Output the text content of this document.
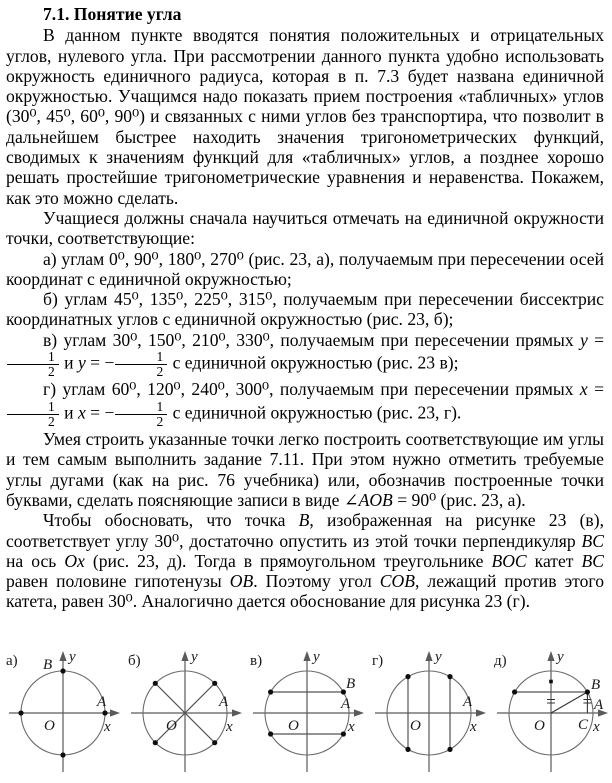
7.1. Понятие угла

В данном пункте вводятся понятия положительных и отрицательных углов, нулевого угла. При рассмотрении данного пункта удобно использовать окружность единичного радиуса, которая в п. 7.3 будет названа единичной окружностью. Учащимся надо показать прием построения «табличных» углов (30⁰, 45⁰, 60⁰, 90⁰) и связанных с ними углов без транспортира, что позволит в дальнейшем быстрее находить значения тригонометрических функций, сводимых к значениям функций для «табличных» углов, а позднее хорошо решать простейшие тригонометрические уравнения и неравенства. Покажем, как это можно сделать.

Учащиеся должны сначала научиться отмечать на единичной окружности точки, соответствующие:

а) углам 0⁰, 90⁰, 180⁰, 270⁰ (рис. 23, а), получаемым при пересечении осей координат с единичной окружностью;

б) углам 45⁰, 135⁰, 225⁰, 315⁰, получаемым при пересечении биссектрис координатных углов с единичной окружностью (рис. 23, б);

в) углам 30⁰, 150⁰, 210⁰, 330⁰, получаемым при пересечении прямых y =
$\frac{1}{2}$ и y = − $\frac{1}{2}$ с единичной окружностью (рис. 23 в);

г) углам 60⁰, 120⁰, 240⁰, 300⁰, получаемым при пересечении прямых x =
$\frac{1}{2}$ и x = − $\frac{1}{2}$ с единичной окружностью (рис. 23, г).

Умея строить указанные точки легко построить соответствующие им углы и тем самым выполнить задание 7.11. При этом нужно отметить требуемые углы дугами (как на рис. 76 учебника) или, обозначив построенные точки буквами, сделать поясняющие записи в виде ∠AOB = 90⁰ (рис. 23, а).

Чтобы обосновать, что точка B, изображенная на рисунке 23 (в), соответствует углу 30⁰, достаточно опустить из этой точки перпендикуляр BC на ось Ox (рис. 23, д). Тогда в прямоугольном треугольнике BOC катет BC равен половине гипотенузы OB. Поэтому угол COB, лежащий против этого катета, равен 30⁰. Аналогично дается обоснование для рисунка 23 (г).

а)	y
x
O
A
B	б)	y
x
O
A
в)	y
x
O
A
B
г)	y
x
O
A
д)	y
x
O
A
B
C
